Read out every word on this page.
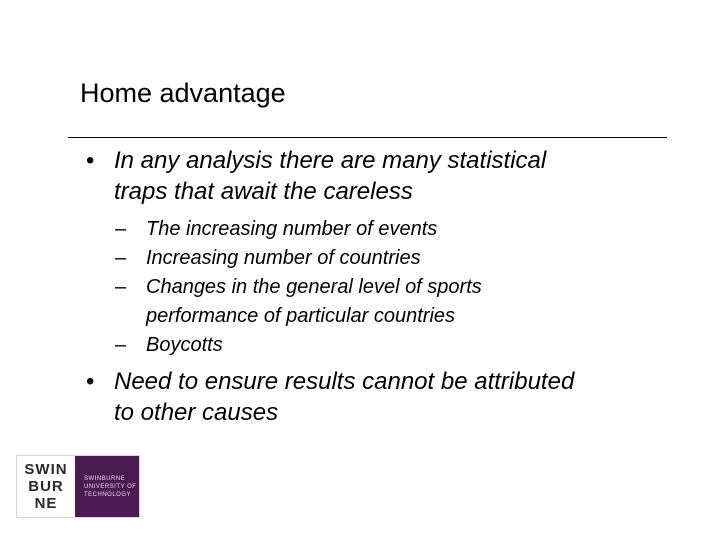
Home advantage

• In any analysis there are many statistical
traps that await the careless

– The increasing number of events

– Increasing number of countries

– Changes in the general level of sports
performance of particular countries

– Boycotts

• Need to ensure results cannot be attributed
to other causes

SWIN
BUR
NE
SWINBURNE
UNIVERSITY OF
TECHNOLOGY
